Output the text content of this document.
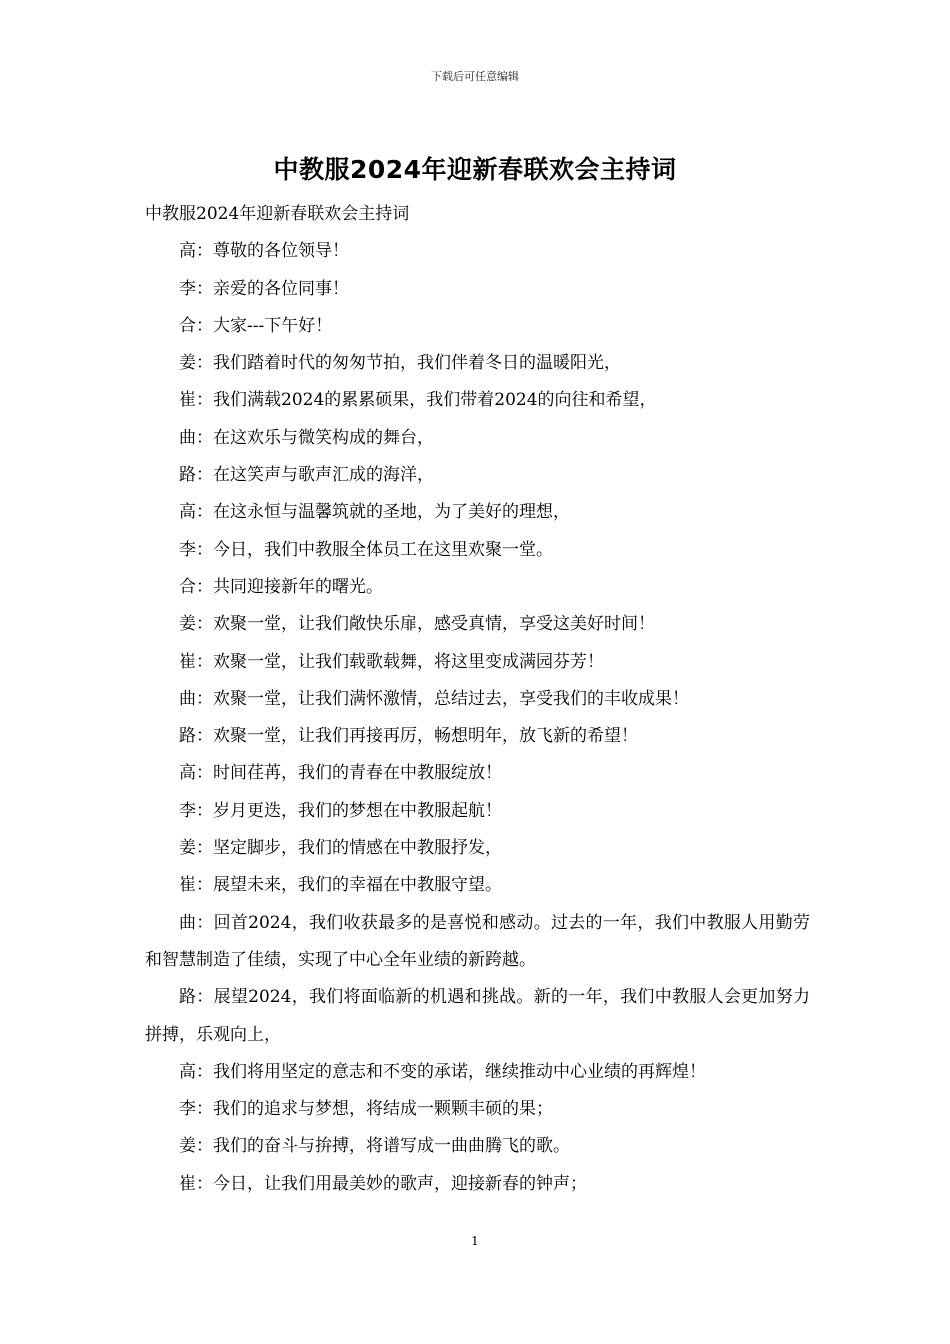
下载后可任意编辑
中教服2024年迎新春联欢会主持词

中教服2024年迎新春联欢会主持词

高：尊敬的各位领导！

李：亲爱的各位同事！

合：大家---下午好！

姜：我们踏着时代的匆匆节拍，我们伴着冬日的温暖阳光，

崔：我们满载2024的累累硕果，我们带着2024的向往和希望，

曲：在这欢乐与微笑构成的舞台，

路：在这笑声与歌声汇成的海洋，

高：在这永恒与温馨筑就的圣地，为了美好的理想，

李：今日，我们中教服全体员工在这里欢聚一堂。

合：共同迎接新年的曙光。

姜：欢聚一堂，让我们敞快乐扉，感受真情，享受这美好时间！

崔：欢聚一堂，让我们载歌载舞，将这里变成满园芬芳！

曲：欢聚一堂，让我们满怀激情，总结过去，享受我们的丰收成果！

路：欢聚一堂，让我们再接再厉，畅想明年，放飞新的希望！

高：时间荏苒，我们的青春在中教服绽放！

李：岁月更迭，我们的梦想在中教服起航！

姜：坚定脚步，我们的情感在中教服抒发，

崔：展望未来，我们的幸福在中教服守望。

曲：回首2024，我们收获最多的是喜悦和感动。过去的一年，我们中教服人用勤劳和智慧制造了佳绩，实现了中心全年业绩的新跨越。

路：展望2024，我们将面临新的机遇和挑战。新的一年，我们中教服人会更加努力拼搏，乐观向上，

高：我们将用坚定的意志和不变的承诺，继续推动中心业绩的再辉煌！

李：我们的追求与梦想，将结成一颗颗丰硕的果；

姜：我们的奋斗与拚搏，将谱写成一曲曲腾飞的歌。

崔：今日，让我们用最美妙的歌声，迎接新春的钟声；

1
